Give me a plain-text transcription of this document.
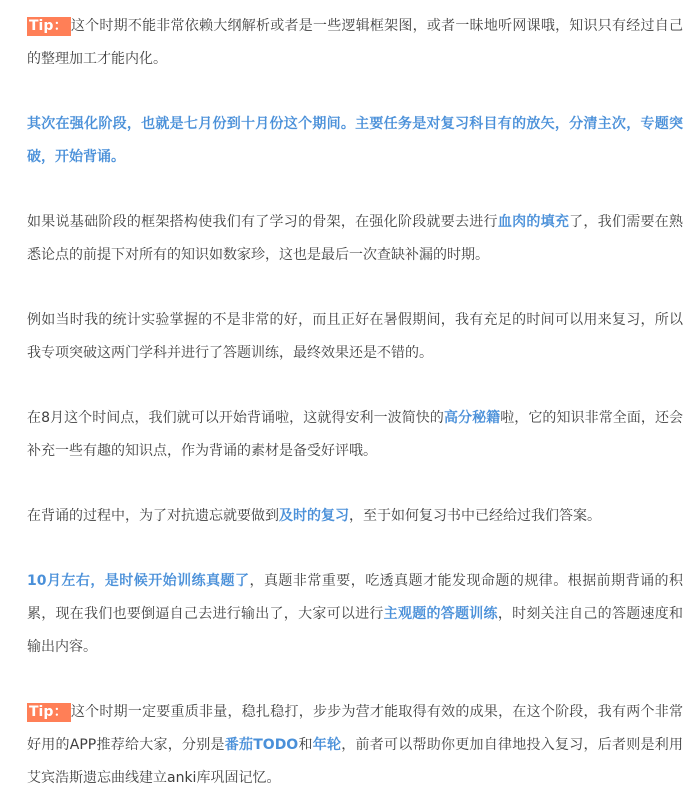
Tip： 这个时期不能非常依赖大纲解析或者是一些逻辑框架图，或者一昧地听网课哦，知识只有经过自己的整理加工才能内化。

其次在强化阶段，也就是七月份到十月份这个期间。主要任务是对复习科目有的放矢，分清主次，专题突破，开始背诵。

如果说基础阶段的框架搭构使我们有了学习的骨架，在强化阶段就要去进行血肉的填充了，我们需要在熟悉论点的前提下对所有的知识如数家珍，这也是最后一次查缺补漏的时期。

例如当时我的统计实验掌握的不是非常的好，而且正好在暑假期间，我有充足的时间可以用来复习，所以我专项突破这两门学科并进行了答题训练，最终效果还是不错的。

在8月这个时间点，我们就可以开始背诵啦，这就得安利一波简快的高分秘籍啦，它的知识非常全面，还会补充一些有趣的知识点，作为背诵的素材是备受好评哦。

在背诵的过程中，为了对抗遗忘就要做到及时的复习，至于如何复习书中已经给过我们答案。

10月左右，是时候开始训练真题了，真题非常重要，吃透真题才能发现命题的规律。根据前期背诵的积累，现在我们也要倒逼自己去进行输出了，大家可以进行主观题的答题训练，时刻关注自己的答题速度和输出内容。

Tip： 这个时期一定要重质非量，稳扎稳打，步步为营才能取得有效的成果，在这个阶段，我有两个非常好用的APP推荐给大家，分别是番茄TODO和年轮，前者可以帮助你更加自律地投入复习，后者则是利用艾宾浩斯遗忘曲线建立anki库巩固记忆。
